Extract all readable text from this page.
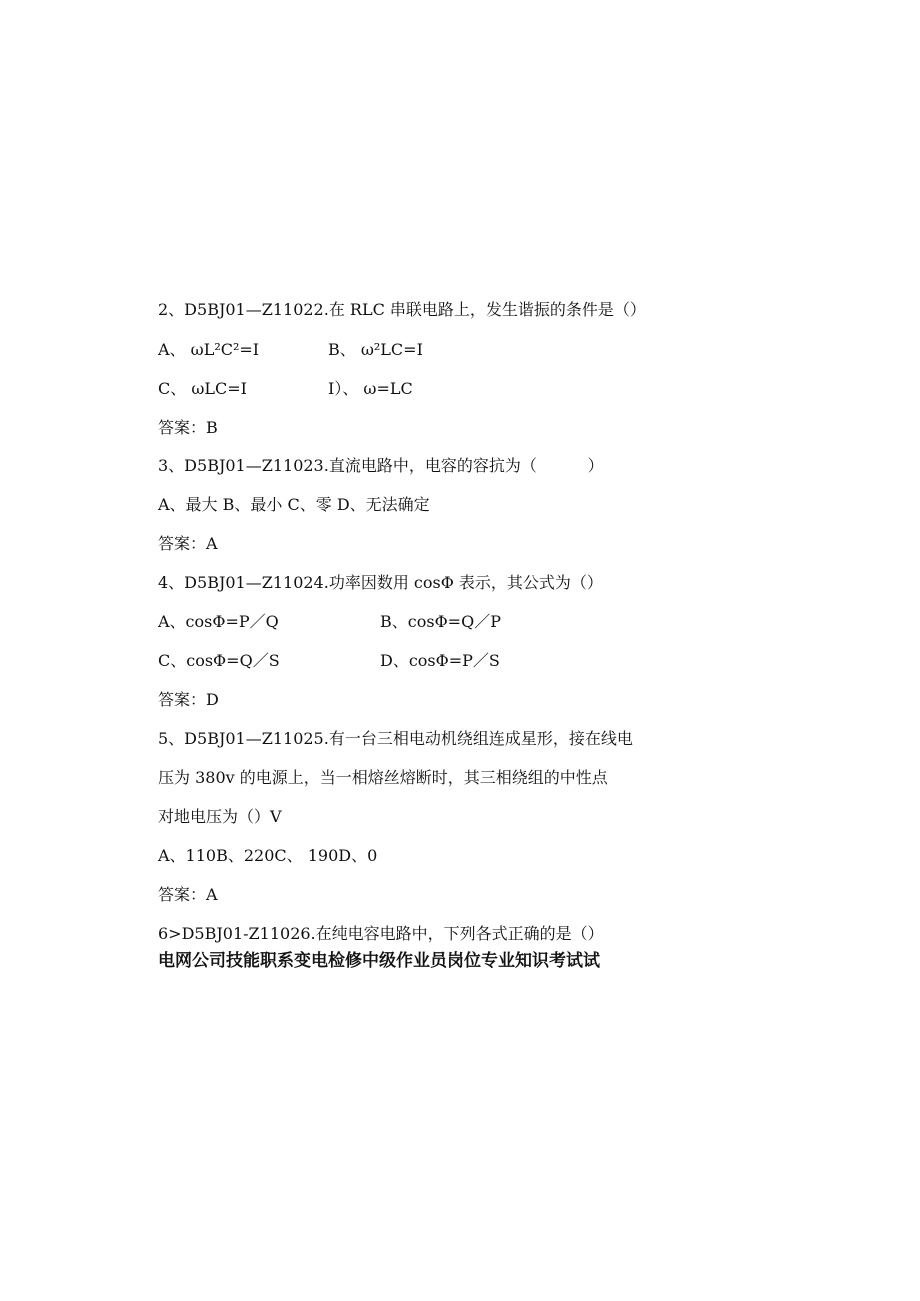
2、D5BJ01—Z11022.在 RLC 串联电路上，发生谐振的条件是（）
A、 ωL²C²=I	B、 ω²LC=I
C、 ωLC=I	I）、 ω=LC
答案：B
3、D5BJ01—Z11023.直流电路中，电容的容抗为（          ）
A、最大 B、最小 C、零 D、无法确定
答案：A
4、D5BJ01—Z11024.功率因数用 cosΦ 表示，其公式为（）
A、cosΦ=P／Q	B、cosΦ=Q／P
C、cosΦ=Q／S	D、cosΦ=P／S
答案：D
5、D5BJ01—Z11025.有一台三相电动机绕组连成星形，接在线电
压为 380v 的电源上，当一相熔丝熔断时，其三相绕组的中性点
对地电压为（）V
A、110B、220C、 190D、0
答案：A
6>D5BJ01-Z11026.在纯电容电路中，下列各式正确的是（）
电网公司技能职系变电检修中级作业员岗位专业知识考试试
